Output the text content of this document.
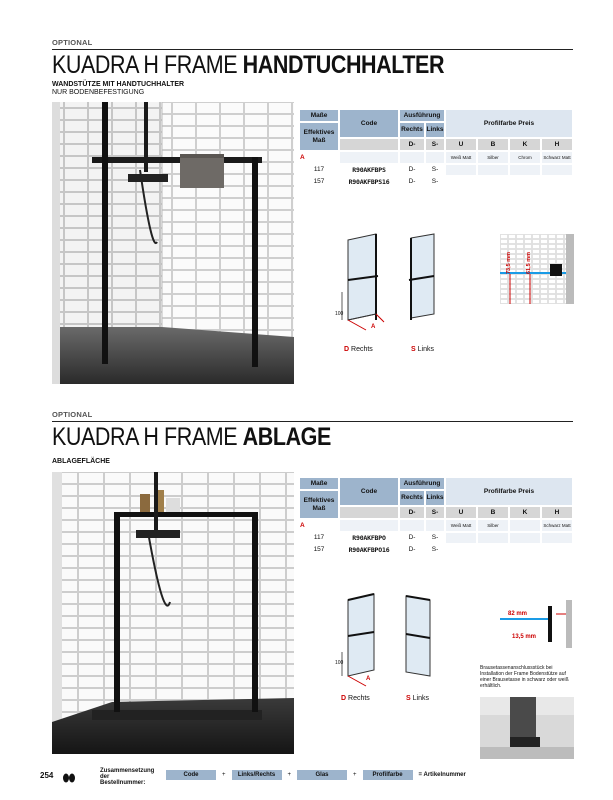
OPTIONAL
KUADRA H FRAME HANDTUCHHALTER
WANDSTÜTZE MIT HANDTUCHHALTER
NUR BODENBEFESTIGUNG
Maße	Code	Ausführung		Profilfarbe Preis			
Effektives Maß		Rechts	Links				
		D-	S-	U	B	K	H
A				Weiß Matt	Silber	Chrom	Schwarz Matt
117	R90AKFBPS	D-	S-				
157	R90AKFBPS16	D-	S-				
100
A
D Rechts	S Links
73,5 mm	61,5 mm
OPTIONAL
KUADRA H FRAME ABLAGE
ABLAGEFLÄCHE
Maße	Code	Ausführung		Profilfarbe Preis			
Effektives Maß		Rechts	Links				
		D-	S-	U	B	K	H
A				Weiß Matt	Silber		Schwarz Matt
117	R90AKFBPO	D-	S-				
157	R90AKFBPO16	D-	S-				
100
A
D Rechts	S Links
82 mm
13,5 mm
Brausetassenanschlussstück bei Installation der Frame Bodenstütze auf einer Brausetasse in schwarz oder weiß erhältlich.
254	Zusammensetzung der Bestellnummer:
Code	+	Links/Rechts	+	Glas	+	Profilfarbe	= Artikelnummer
